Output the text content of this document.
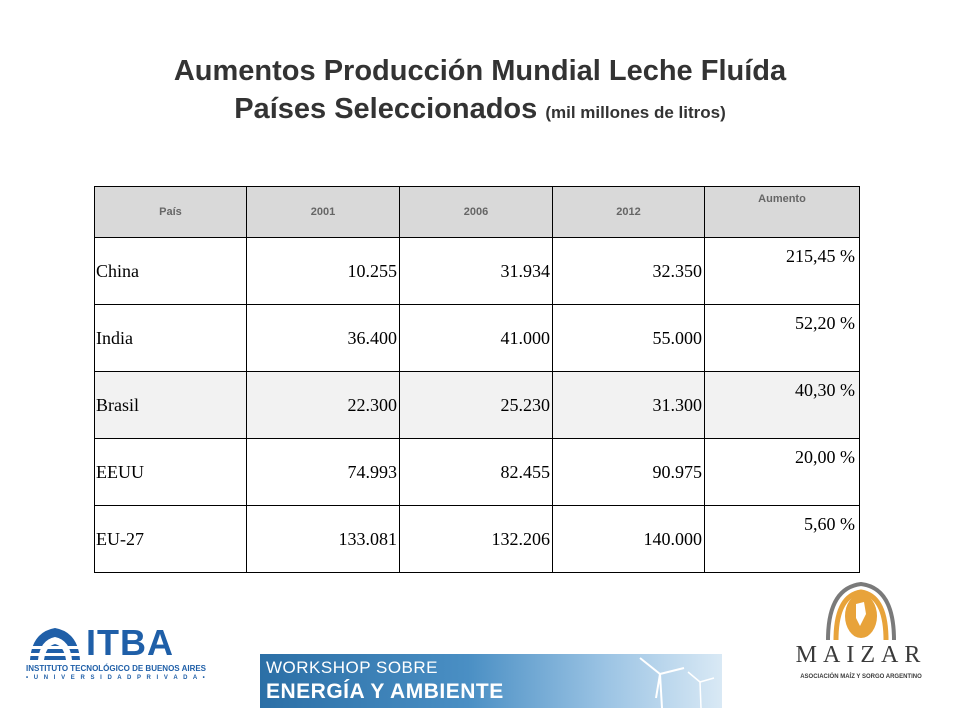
Aumentos Producción Mundial Leche Fluída
Países Seleccionados (mil millones de litros)
País	2001	2006	2012	Aumento
China	10.255	31.934	32.350	215,45 %
India	36.400	41.000	55.000	52,20 %
Brasil	22.300	25.230	31.300	40,30 %
EEUU	74.993	82.455	90.975	20,00 %
EU-27	133.081	132.206	140.000	5,60 %
ITBA
INSTITUTO TECNOLÓGICO DE BUENOS AIRES
• U N I V E R S I D A D P R I V A D A •
WORKSHOP SOBRE
ENERGÍA Y AMBIENTE
MAIZAR
ASOCIACIÓN MAÍZ Y SORGO ARGENTINO
